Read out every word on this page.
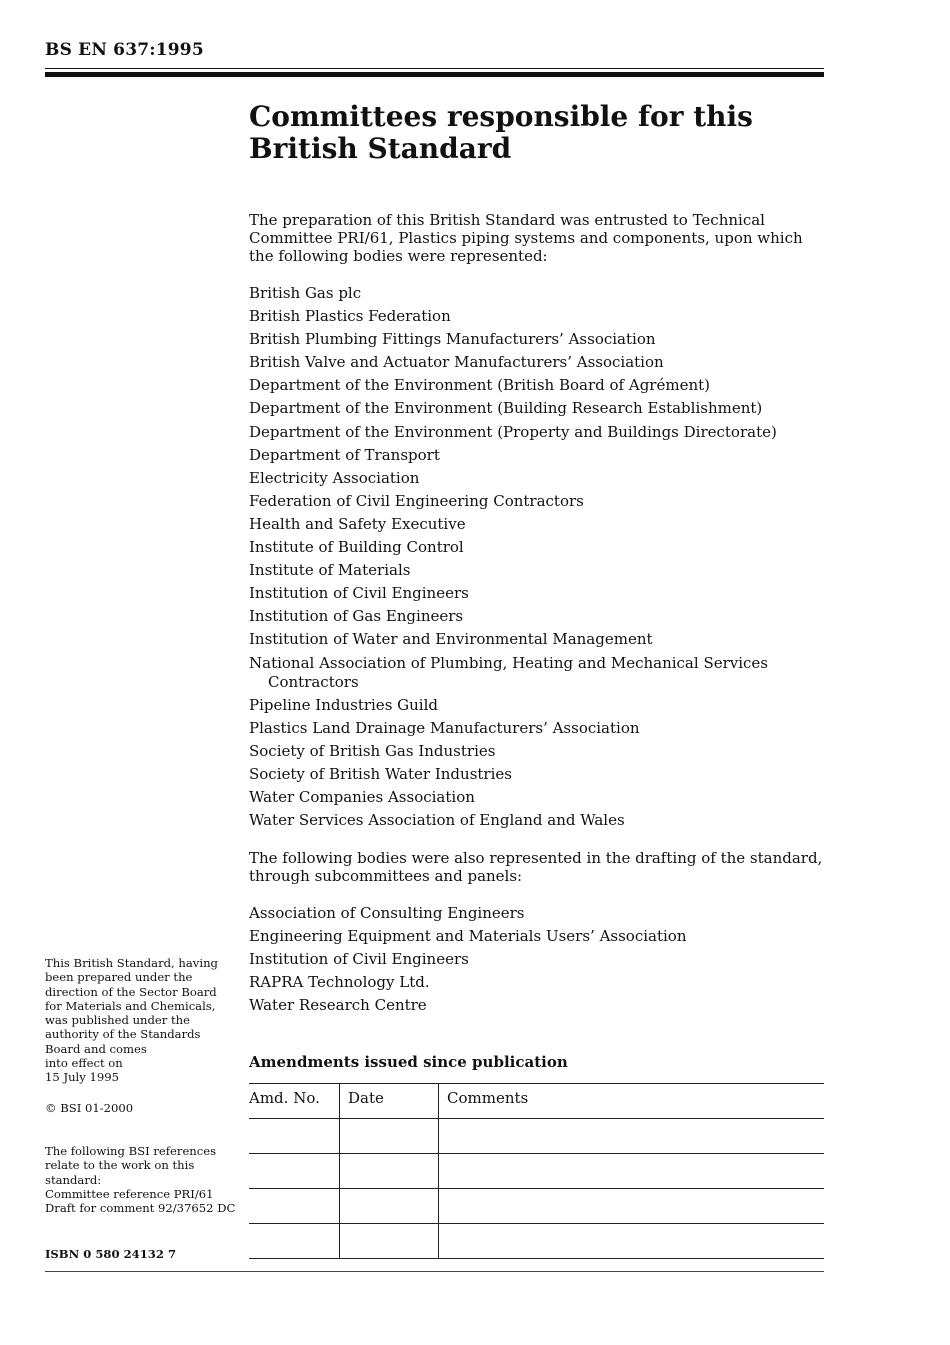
BS EN 637:1995
Committees responsible for this
British Standard

The preparation of this British Standard was entrusted to Technical Committee PRI/61, Plastics piping systems and components, upon which the following bodies were represented:

British Gas plc
British Plastics Federation
British Plumbing Fittings Manufacturers’ Association
British Valve and Actuator Manufacturers’ Association
Department of the Environment (British Board of Agrément)
Department of the Environment (Building Research Establishment)
Department of the Environment (Property and Buildings Directorate)
Department of Transport
Electricity Association
Federation of Civil Engineering Contractors
Health and Safety Executive
Institute of Building Control
Institute of Materials
Institution of Civil Engineers
Institution of Gas Engineers
Institution of Water and Environmental Management
National Association of Plumbing, Heating and Mechanical Services Contractors
Pipeline Industries Guild
Plastics Land Drainage Manufacturers’ Association
Society of British Gas Industries
Society of British Water Industries
Water Companies Association
Water Services Association of England and Wales

The following bodies were also represented in the drafting of the standard, through subcommittees and panels:

Association of Consulting Engineers
Engineering Equipment and Materials Users’ Association
Institution of Civil Engineers
RAPRA Technology Ltd.
Water Research Centre
Amendments issued since publication
Amd. No.	Date	Comments

This British Standard, having

been prepared under the

direction of the Sector Board

for Materials and Chemicals,

was published under the

authority of the Standards

Board and comes

into effect on

15 July 1995

© BSI 01-2000

The following BSI references

relate to the work on this

standard:

Committee reference PRI/61

Draft for comment 92/37652 DC

ISBN 0 580 24132 7
